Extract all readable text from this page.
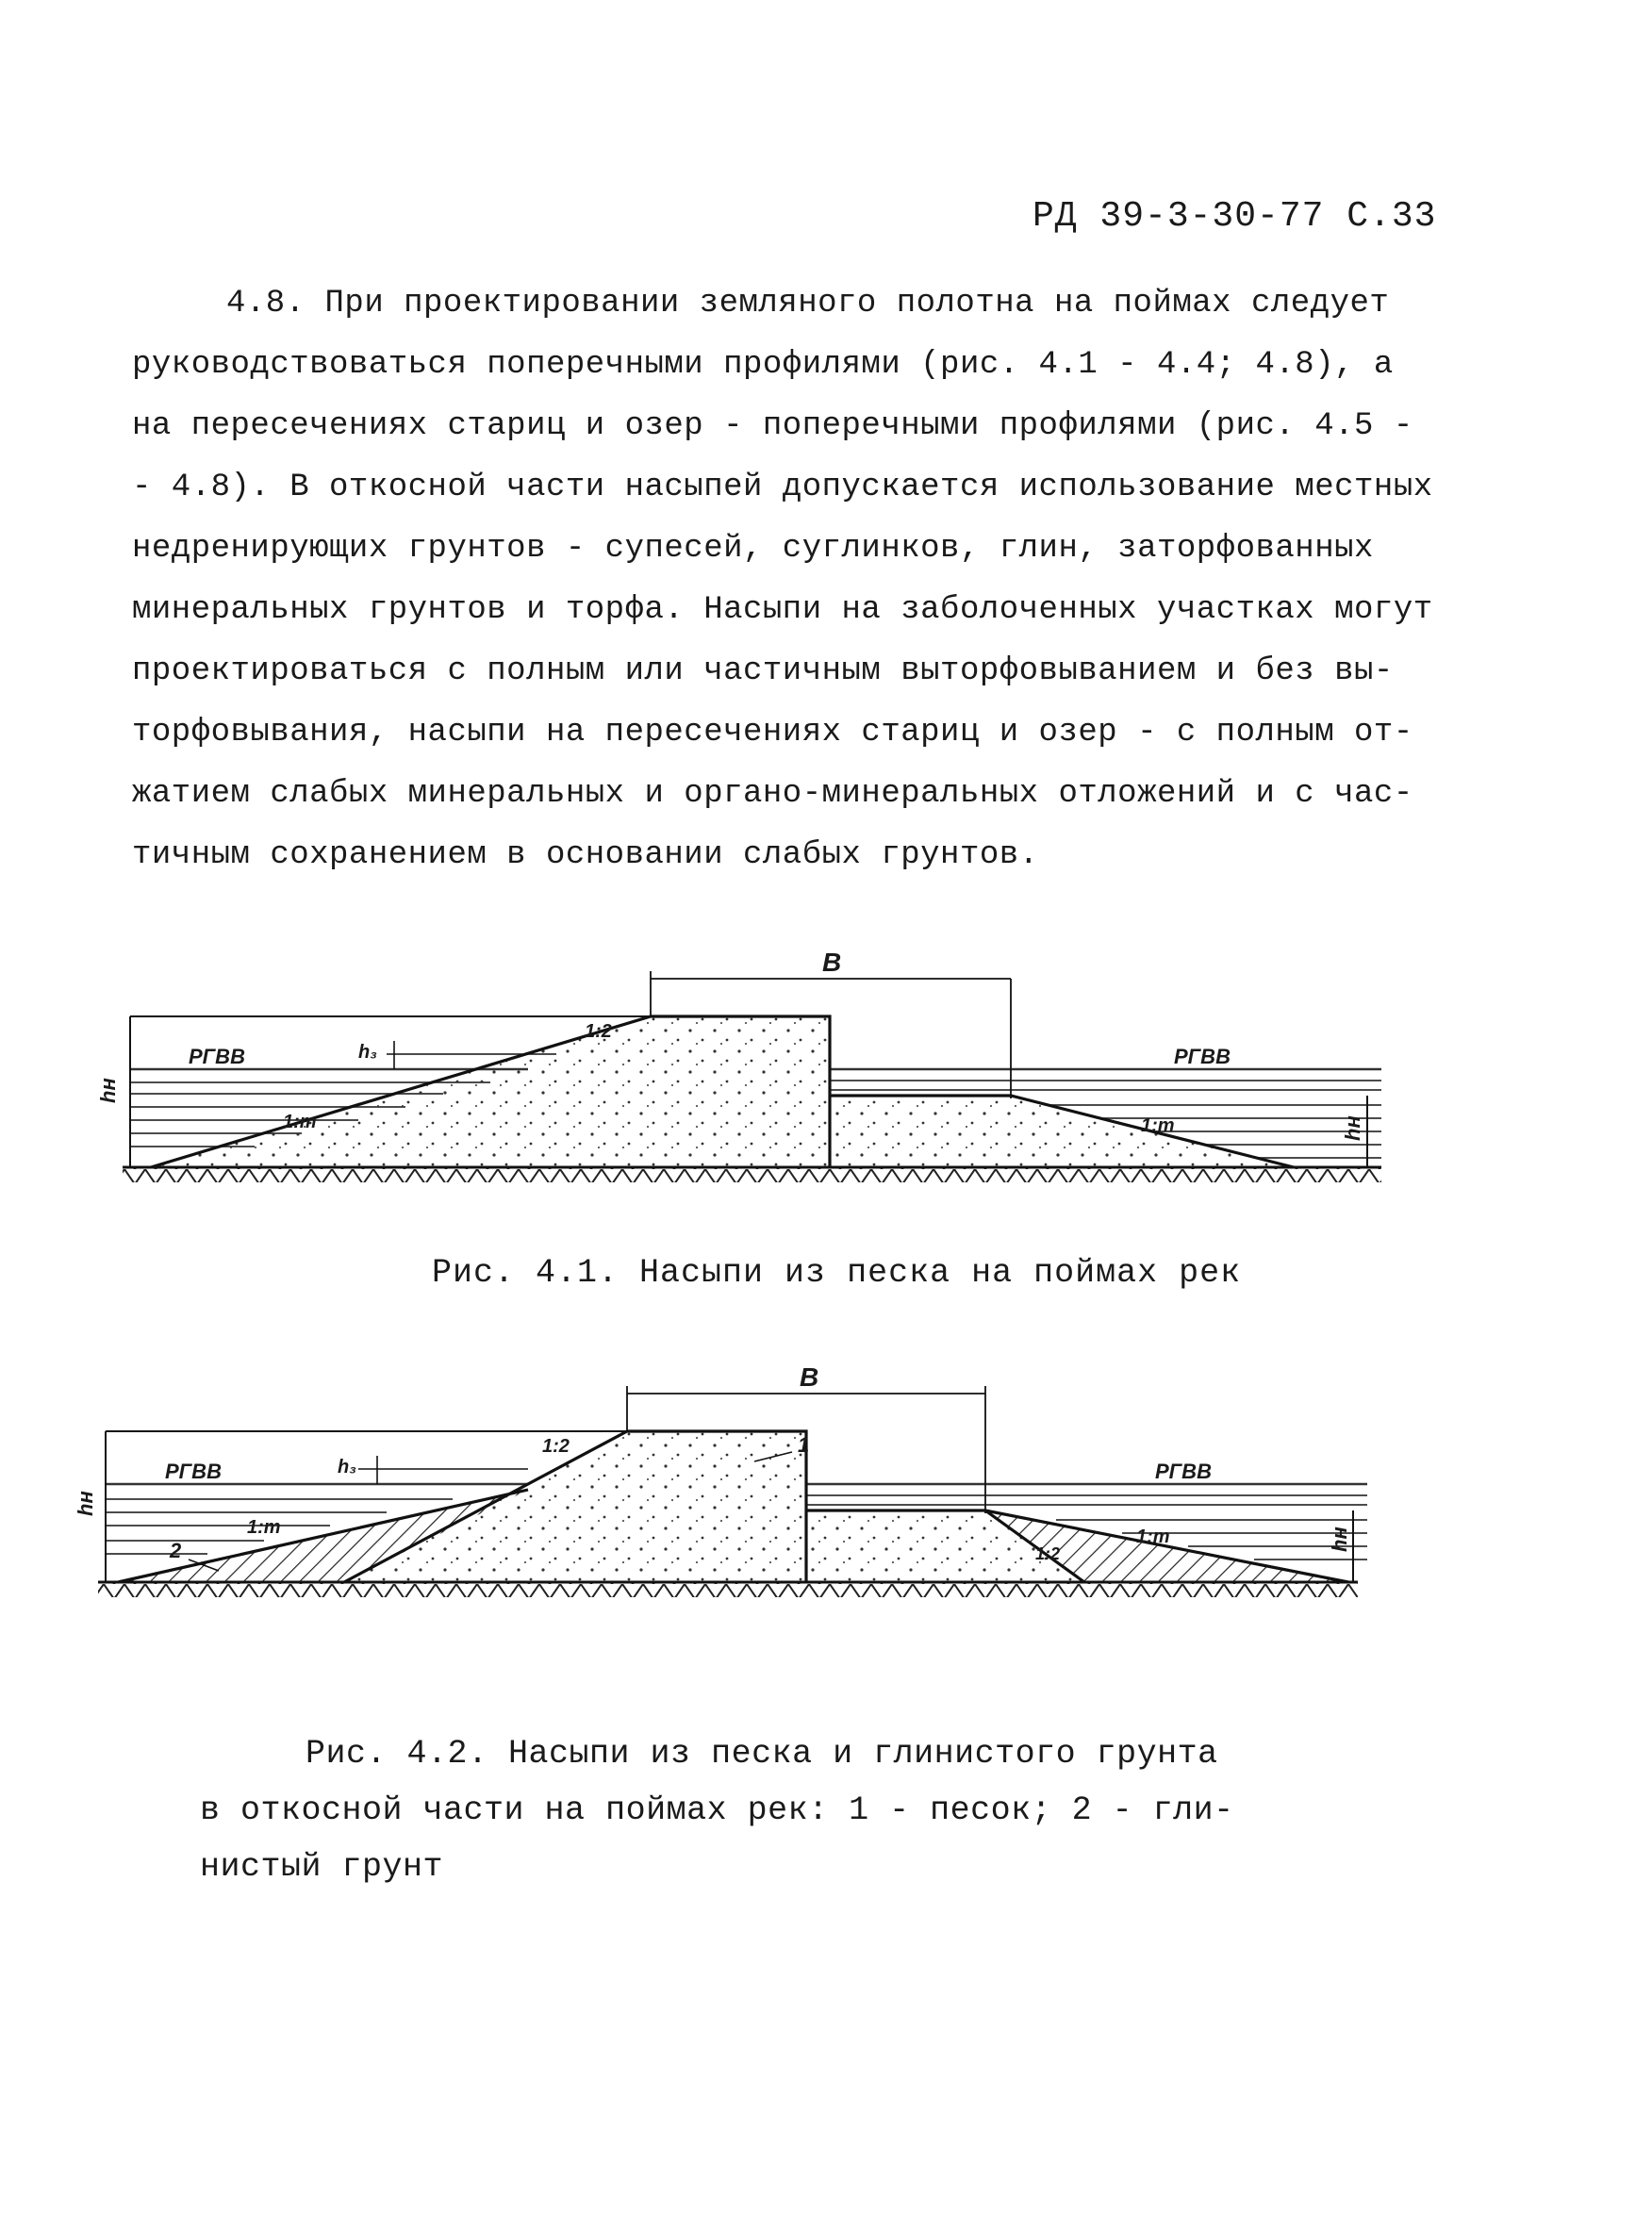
РД 39-3-30-77 С.33
4.8. При проектировании земляного полотна на поймах следует
руководствоваться поперечными профилями (рис. 4.1 - 4.4; 4.8), а
на пересечениях стариц и озер - поперечными профилями (рис. 4.5 -
- 4.8). В откосной части насыпей допускается использование местных
недренирующих грунтов - супесей, суглинков, глин, заторфованных
минеральных грунтов и торфа. Насыпи на заболоченных участках могут
проектироваться с полным или частичным выторфовыванием и без вы-
торфовывания, насыпи на пересечениях стариц и озер - с полным от-
жатием слабых минеральных и органо-минеральных отложений и с час-
тичным сохранением в основании слабых грунтов.
B
РГВВ	РГВВ
1:2
h₃
1:m	1:m
hн
hн
Рис. 4.1. Насыпи из песка на поймах рек
B
РГВВ	РГВВ
1:2
h₃
1:m	1:m
1:2
hн
hн
1
2
Рис. 4.2. Насыпи из песка и глинистого грунта
в откосной части на поймах рек: 1 - песок; 2 - гли-
нистый грунт
